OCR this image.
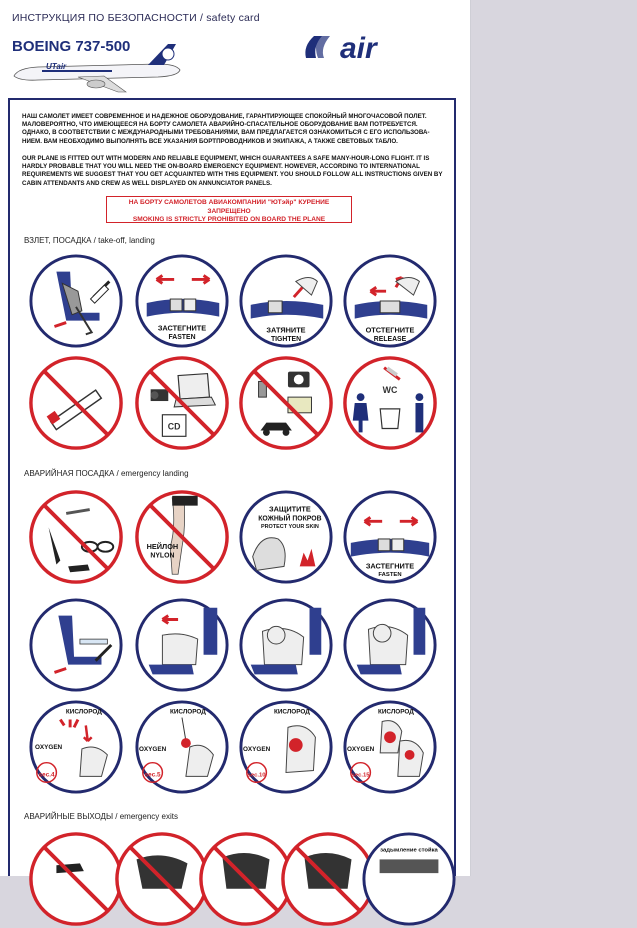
ИНСТРУКЦИЯ ПО БЕЗОПАСНОСТИ / safety card
BOEING 737-500
UTair
air
НАШ САМОЛЕТ ИМЕЕТ СОВРЕМЕННОЕ И НАДЕЖНОЕ ОБОРУДОВАНИЕ, ГАРАНТИРУЮЩЕЕ СПОКОЙНЫЙ МНОГОЧАСОВОЙ ПОЛЕТ. МАЛОВЕРОЯТНО, ЧТО ИМЕЮЩЕЕСЯ НА БОРТУ САМОЛЕТА АВАРИЙНО-СПАСАТЕЛЬНОЕ ОБОРУДОВАНИЕ ВАМ ПОТРЕБУЕТСЯ. ОДНАКО, В СООТВЕТСТВИИ С МЕЖДУНАРОДНЫМИ ТРЕБОВАНИЯМИ, ВАМ ПРЕДЛАГАЕТСЯ ОЗНАКОМИТЬСЯ С ЕГО ИСПОЛЬЗОВА-НИЕМ. ВАМ НЕОБХОДИМО ВЫПОЛНЯТЬ ВСЕ УКАЗАНИЯ БОРТПРОВОДНИКОВ И ЭКИПАЖА, А ТАКЖЕ СВЕТОВЫХ ТАБЛО.
OUR PLANE IS FITTED OUT WITH MODERN AND RELIABLE EQUIPMENT, WHICH GUARANTEES A SAFE MANY-HOUR-LONG FLIGHT. IT IS HARDLY PROBABLE THAT YOU WILL NEED THE ON-BOARD EMERGENCY EQUIPMENT. HOWEVER, ACCORDING TO INTERNATIONAL REQUIREMENTS WE SUGGEST THAT YOU GET ACQUAINTED WITH THIS EQUIPMENT. YOU SHOULD FOLLOW ALL INSTRUCTIONS GIVEN BY CABIN ATTENDANTS AND CREW AS WELL DISPLAYED ON ANNUNCIATOR PANELS.
НА БОРТУ САМОЛЕТОВ АВИАКОМПАНИИ "ЮТэйр" КУРЕНИЕ ЗАПРЕЩЕНО
SMOKING IS STRICTLY PROHIBITED ON BOARD THE PLANE
ВЗЛЕТ, ПОСАДКА / take-off, landing
АВАРИЙНАЯ ПОСАДКА / emergency landing
АВАРИЙНЫЕ ВЫХОДЫ / emergency exits
ЗАСТЕГНИТЕ
FASTEN
ЗАТЯНИТЕ
TIGHTEN
ОТСТЕГНИТЕ
RELEASE
CD
WC
НЕЙЛОН
NYLON
ЗАЩИТИТЕ
КОЖНЫЙ ПОКРОВ
PROTECT YOUR SKIN
ЗАСТЕГНИТЕ
FASTEN
КИСЛОРОД
OXYGEN
sec.4
КИСЛОРОД
OXYGEN
sec.5
КИСЛОРОД
OXYGEN
sec.10
КИСЛОРОД
OXYGEN
sec.15
задымление стойка
